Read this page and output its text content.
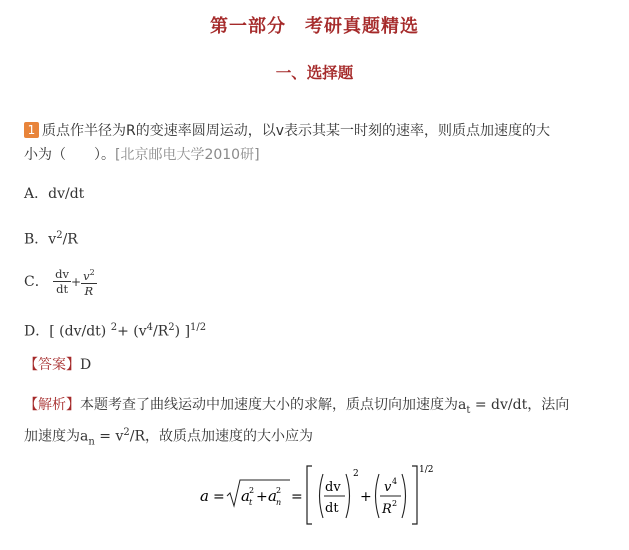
第一部分　考研真题精选
一、选择题
1 质点作半径为R的变速率圆周运动，以v表示其某一时刻的速率，则质点加速度的大
小为（　　）。[北京邮电大学2010研]
A．dv/dt
B．$v^2/R$
C． $\frac{dv}{dt} + \frac{v^2}{R}$
D．[ (dv/dt) $^2+ (v^4/R^2)$ ]$^{1/2}$
【答案】D
【解析】本题考查了曲线运动中加速度大小的求解，质点切向加速度为$a_t = dv/dt$，法向
加速度为$a_n = v^2/R$，故质点加速度的大小应为
a = a t
2 + a n
2 =
dv
dt
2
+
v 4
R 2
1/2
